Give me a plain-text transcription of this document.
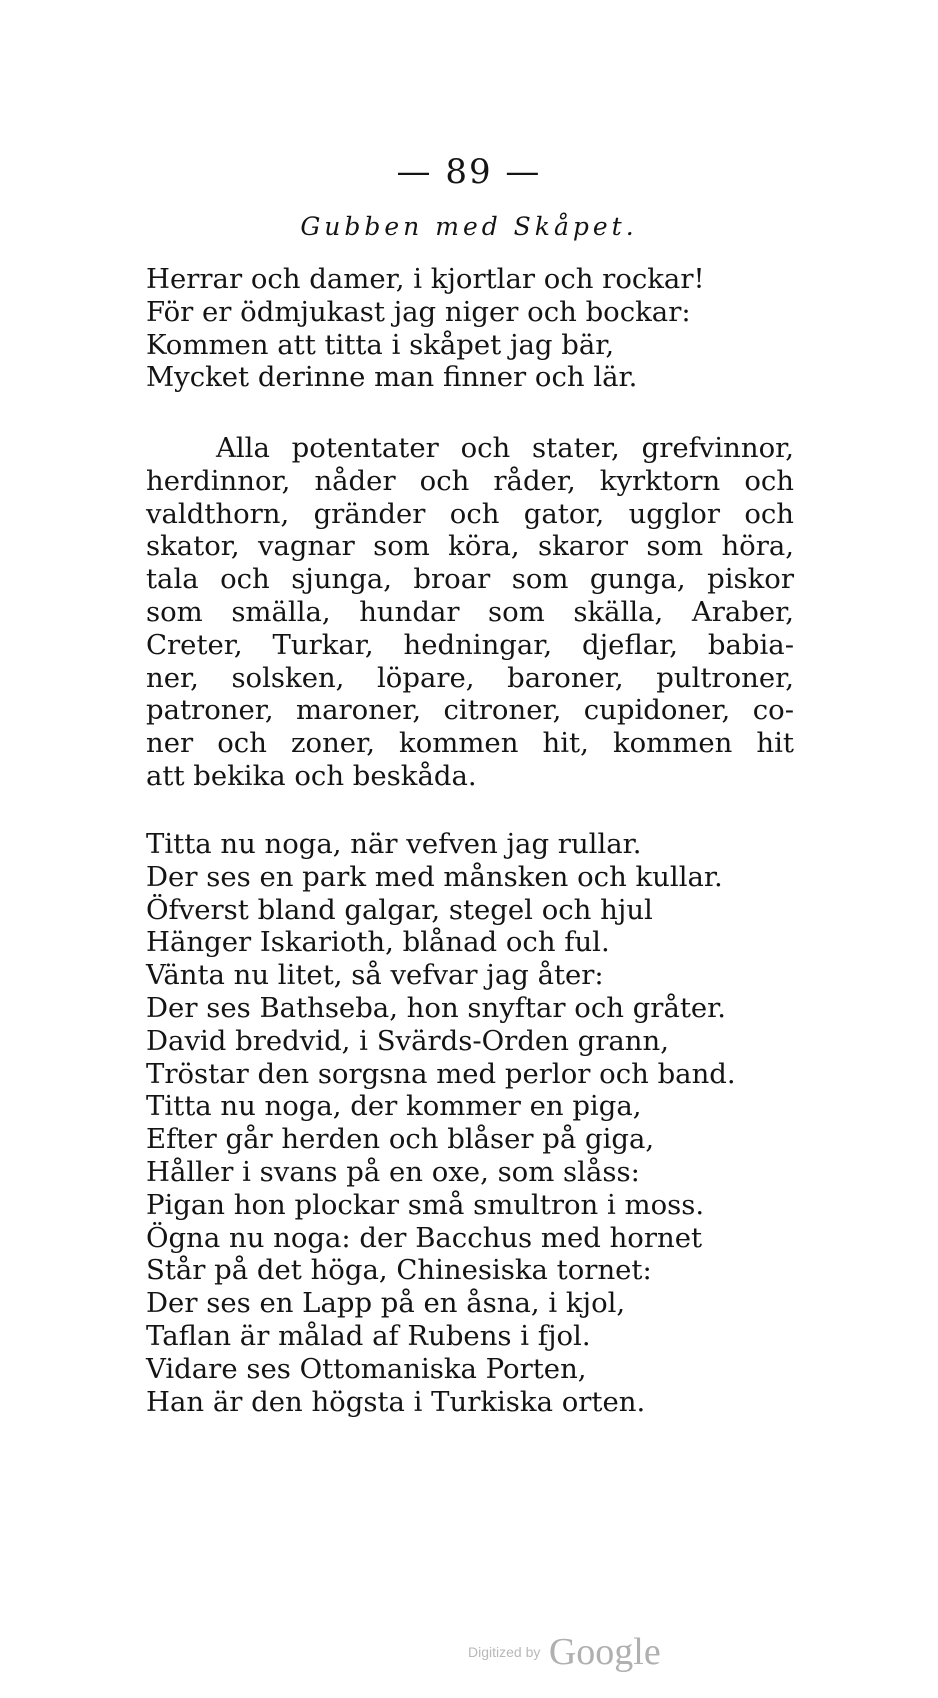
— 89 —
Gubben med Skåpet.
Herrar och damer, i kjortlar och rockar!
För er ödmjukast jag niger och bockar:
Kommen att titta i skåpet jag bär,
Mycket derinne man finner och lär.
Alla potentater och stater, grefvinnor,
herdinnor, nåder och råder, kyrktorn och
valdthorn, gränder och gator, ugglor och
skator, vagnar som köra, skaror som höra,
tala och sjunga, broar som gunga, piskor
som smälla, hundar som skälla, Araber,
Creter, Turkar, hedningar, djeflar, babia-
ner, solsken, löpare, baroner, pultroner,
patroner, maroner, citroner, cupidoner, co-
ner och zoner, kommen hit, kommen hit
att bekika och beskåda.
Titta nu noga, när vefven jag rullar.
Der ses en park med månsken och kullar.
Öfverst bland galgar, stegel och hjul
Hänger Iskarioth, blånad och ful.
Vänta nu litet, så vefvar jag åter:
Der ses Bathseba, hon snyftar och gråter.
David bredvid, i Svärds-Orden grann,
Tröstar den sorgsna med perlor och band.
Titta nu noga, der kommer en piga,
Efter går herden och blåser på giga,
Håller i svans på en oxe, som slåss:
Pigan hon plockar små smultron i moss.
Ögna nu noga: der Bacchus med hornet
Står på det höga, Chinesiska tornet:
Der ses en Lapp på en åsna, i kjol,
Taflan är målad af Rubens i fjol.
Vidare ses Ottomaniska Porten,
Han är den högsta i Turkiska orten.
Digitized by Google
